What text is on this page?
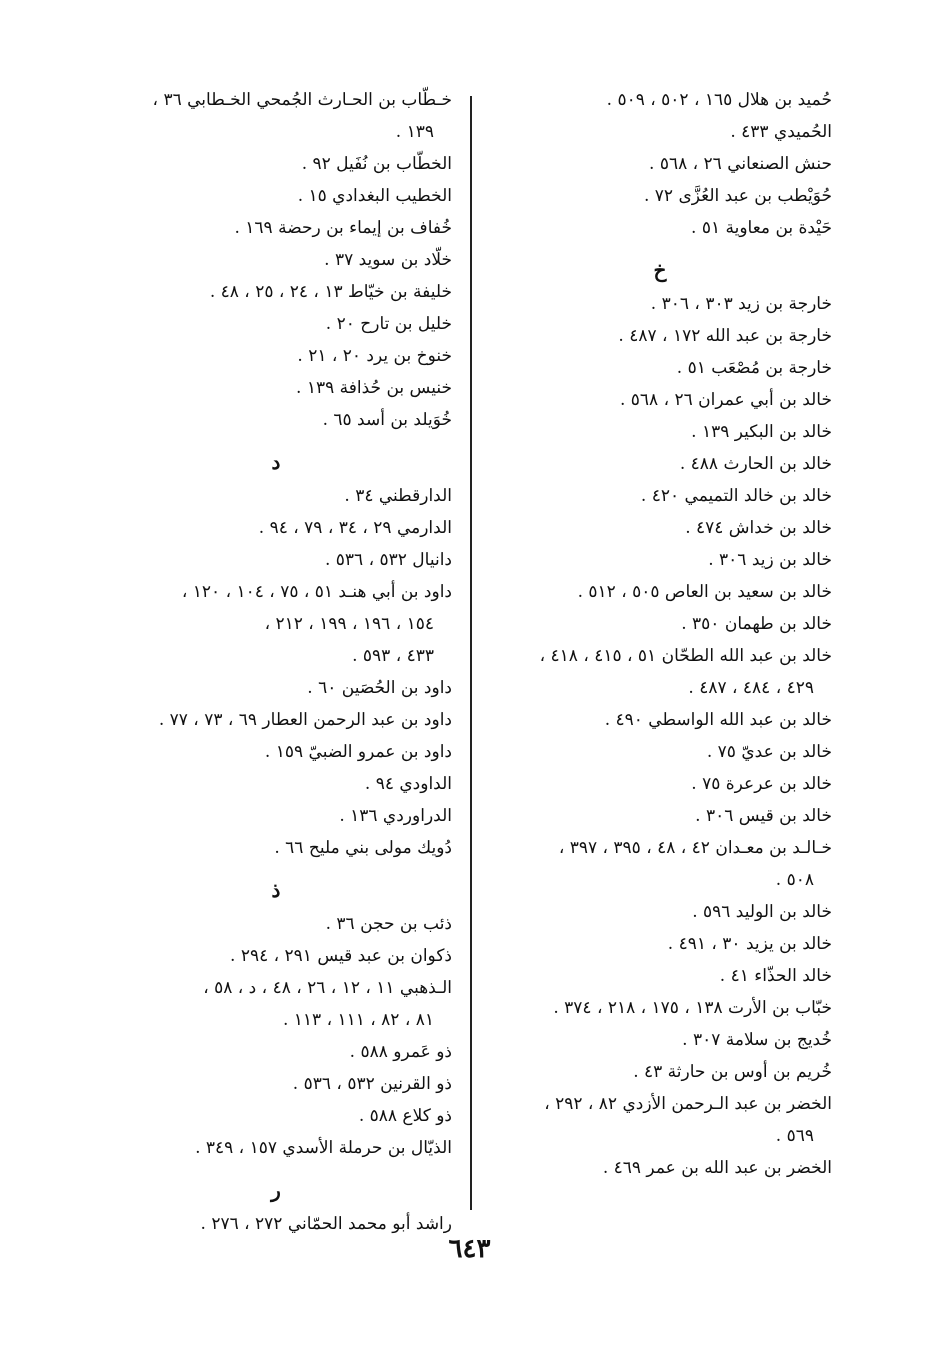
حُميد بن هلال ١٦٥ ، ٥٠٢ ، ٥٠٩ .
الحُميدي ٤٣٣ .
حنش الصنعاني ٢٦ ، ٥٦٨ .
حُوَيْطب بن عبد العُزَّى ٧٢ .
حَيْدة بن معاوية ٥١ .
خ
خارجة بن زيد ٣٠٣ ، ٣٠٦ .
خارجة بن عبد الله ١٧٢ ، ٤٨٧ .
خارجة بن مُصْعَب ٥١ .
خالد بن أبي عمران ٢٦ ، ٥٦٨ .
خالد بن البكير ١٣٩ .
خالد بن الحارث ٤٨٨ .
خالد بن خالد التميمي ٤٢٠ .
خالد بن خداش ٤٧٤ .
خالد بن زيد ٣٠٦ .
خالد بن سعيد بن العاص ٥٠٥ ، ٥١٢ .
خالد بن طهمان ٣٥٠ .
خالد بن عبد الله الطحّان ٥١ ، ٤١٥ ، ٤١٨ ،
٤٢٩ ، ٤٨٤ ، ٤٨٧ .
خالد بن عبد الله الواسطي ٤٩٠ .
خالد بن عديّ ٧٥ .
خالد بن عرعرة ٧٥ .
خالد بن قيس ٣٠٦ .
خـالـد بن معـدان ٤٢ ، ٤٨ ، ٣٩٥ ، ٣٩٧ ،
٥٠٨ .
خالد بن الوليد ٥٩٦ .
خالد بن يزيد ٣٠ ، ٤٩١ .
خالد الحذّاء ٤١ .
خبّاب بن الأرت ١٣٨ ، ١٧٥ ، ٢١٨ ، ٣٧٤ .
خُديج بن سلامة ٣٠٧ .
خُريم بن أوس بن حارثة ٤٣ .
الخضر بن عبد الـرحمن الأزدي ٨٢ ، ٢٩٢ ،
٥٦٩ .
الخضر بن عبد الله بن عمر ٤٦٩ .
خـطّاب بن الحـارث الجُمحي الخـطابي ٣٦ ،
١٣٩ .
الخطّاب بن نُفَيل ٩٢ .
الخطيب البغدادي ١٥ .
خُفاف بن إيماء بن رحضة ١٦٩ .
خلّاد بن سويد ٣٧ .
خليفة بن خيّاط ١٣ ، ٢٤ ، ٢٥ ، ٤٨ .
خليل بن تارح ٢٠ .
خنوخ بن يرد ٢٠ ، ٢١ .
خنيس بن حُذافة ١٣٩ .
خُوَيلد بن أسد ٦٥ .
د
الدارقطني ٣٤ .
الدارمي ٢٩ ، ٣٤ ، ٧٩ ، ٩٤ .
دانيال ٥٣٢ ، ٥٣٦ .
داود بن أبي هنـد ٥١ ، ٧٥ ، ١٠٤ ، ١٢٠ ،
١٥٤ ، ١٩٦ ، ١٩٩ ، ٢١٢ ،
٤٣٣ ، ٥٩٣ .
داود بن الحُصَين ٦٠ .
داود بن عبد الرحمن العطار ٦٩ ، ٧٣ ، ٧٧ .
داود بن عمرو الضبيّ ١٥٩ .
الداودي ٩٤ .
الدراوردي ١٣٦ .
دُويك مولى بني مليح ٦٦ .
ذ
ذئب بن حجن ٣٦ .
ذكوان بن عبد قيس ٢٩١ ، ٢٩٤ .
الـذهبي ١١ ، ١٢ ، ٢٦ ، ٤٨ ، د ، ٥٨ ،
٨١ ، ٨٢ ، ١١١ ، ١١٣ .
ذو عَمرو ٥٨٨ .
ذو القرنين ٥٣٢ ، ٥٣٦ .
ذو كلاع ٥٨٨ .
الذيّال بن حرملة الأسدي ١٥٧ ، ٣٤٩ .
ر
راشد أبو محمد الحمّاني ٢٧٢ ، ٢٧٦ .
٦٤٣
